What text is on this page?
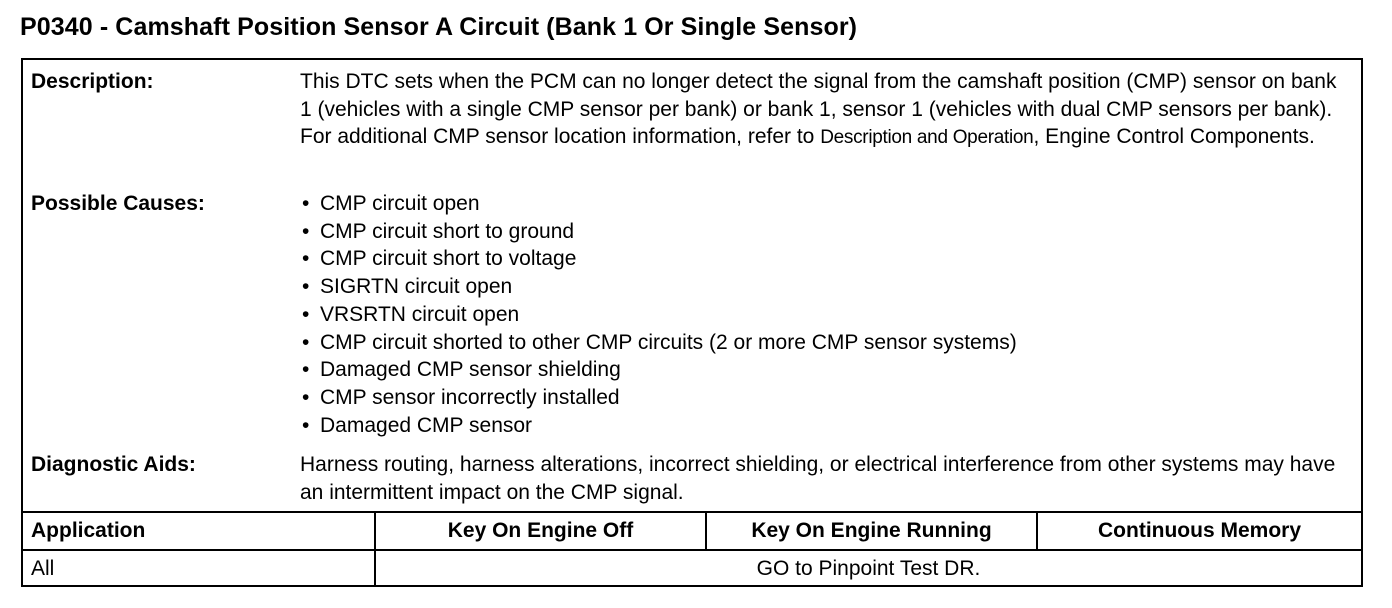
P0340 - Camshaft Position Sensor A Circuit (Bank 1 Or Single Sensor)
Description:	This DTC sets when the PCM can no longer detect the signal from the camshaft position (CMP) sensor on bank 1 (vehicles with a single CMP sensor per bank) or bank 1, sensor 1 (vehicles with dual CMP sensors per bank). For additional CMP sensor location information, refer to Description and Operation, Engine Control Components.
Possible Causes:
•	CMP circuit open
• CMP circuit short to ground
• CMP circuit short to voltage
• SIGRTN circuit open
• VRSRTN circuit open
• CMP circuit shorted to other CMP circuits (2 or more CMP sensor systems)
• Damaged CMP sensor shielding
• CMP sensor incorrectly installed
• Damaged CMP sensor
Diagnostic Aids:	Harness routing, harness alterations, incorrect shielding, or electrical interference from other systems may have an intermittent impact on the CMP signal.
Application	Key On Engine Off	Key On Engine Running	Continuous Memory
All	GO to Pinpoint Test DR.
